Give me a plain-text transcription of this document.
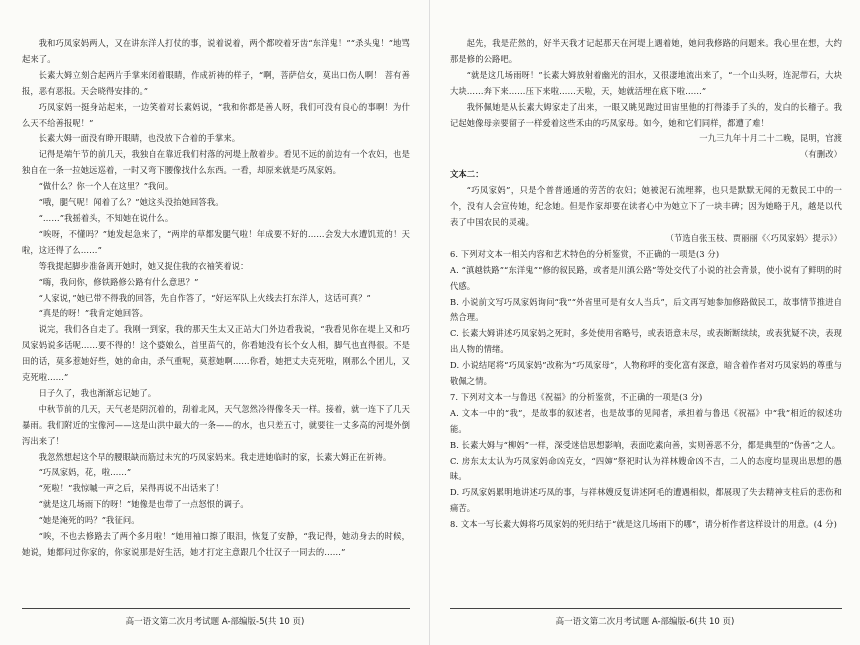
我和巧凤家妈两人，又在讲东洋人打仗的事，说着说着，两个都咬着牙齿“东洋鬼！”“杀头鬼！”地骂起来了。

长素大姆立刻合起两片手掌来闭着眼睛，作成祈祷的样子，“啊，菩萨信女，莫出口伤人啊！ 菩有善报，恶有恶报。天会晓得安排的。”

巧凤家妈一挺身站起来，一边笑着对长素妈说，“我和你都是善人呀，我们可没有良心的事啊！为什么天不给善报呢！”

长素大姆一面没有睁开眼睛，也没放下合着的手掌来。

记得是端午节的前几天，我独自在靠近我们村落的河堤上散着步。看见不远的前边有一个农妇，也是独自在一条一拉她远巡着，一时又弯下腰像找什么东西。一看，却原来就是巧凤家妈。

“做什么？你一个人在这里？”我问。

“哦，腿气呢！闻着了么？”她这头没抬她回答我。

“……”我摇着头，不知她在说什么。

“唉呀，不懂吗？”她发起急来了，“两岸的草都发腿气啦！年成要不好的……会发大水遭饥荒的！天啦，这还得了么……”

等我提起脚步准备离开她时，她又捉住我的衣袖笑着说：

“嗨，我问你，修铁路修公路有什么意思？”

“人家说，”她已带不得我的回答，先自作答了，“好运军队上火线去打东洋人，这话可真？”

“真是的呀！”我肯定她回答。

说完，我们各自走了。我刚一到家，我的那天生太又正站大门外边看我说，“我看见你在堤上又和巧凤家妈说多话呢……要不得的！这个婆娘么，首里苗气的，你看她没有长个女人相，脚气也直得很。不是田的话，莫多惹她好些，她的命由，杀气重呢，莫惹她啊……你看，她把丈夫克死啦，刚那么个团儿，又克死啦……”

日子久了，我也渐渐忘记她了。

中秋节前的几天，天气老是阴沉着的，刮着北风，天气忽然冷得像冬天一样。接着，就一连下了几天暴雨。我们附近的宝像河——这是山洪中最大的一条——的水，也只差五寸，就要往一丈多高的河堤外倒泻出来了！

我忽然想起这个早的腰眼缺而筋过未宄的巧凤家妈来。我走进她临时的家，长素大姆正在祈祷。

“巧凤家妈，花，啦……”

“死啦！”我惊嘁一声之后，呆得再说不出话来了！

“就是这几场雨下的呀！”她像是也带了一点怒恨的调子。

“她是淹死的吗？”我征问。

“唉，不也去修路去了两个多月啦！”她用袖口擦了眼泪，恢复了安静，“我记得，她动身去的时候，她说，她都问过你家的，你家说那是好生活，她才打定主意跟几个壮汉子一同去的……”

高一语文第二次月考试题 A-部编版-5(共 10 页)

起先，我是茫然的，好半天我才记起那天在河堤上遇着她，她问我修路的问题来。我心里在想，大约那是修的公路吧。

“就是这几场雨呀！”长素大姆放射着幽光的泪水，又很凄地流出来了，“一个山头呀，连泥带石，大块大块……奔下来……压下来啦……天啦，天，她就活埋在底下啦……”

我怀佩她是从长素大姆家走了出来，一眼又眺见跑过田宙里他的打得漆手了头的，发白的长稽子。我记起她像母亲要留子一样爱着这些禾由的巧凤家母。如今，她和它们同样，都遭了难！

一九三九年十月二十二晚，昆明，官渡

（有删改）

文本二：

“巧凤家妈”，只是个普普通通的劳苦的农妇；她被泥石流埋葬，也只是默默无闻的无数民工中的一个，没有人会宣传她，纪念她。但是作家却要在读者心中为她立下了一块丰碑；因为她略于凡，越是以代表了中国农民的灵魂。

（节选自张玉枝、贾丽丽《〈巧凤家妈〉提示》）

6. 下列对文本一相关内容和艺术特色的分析鉴赏，不正确的一项是(3 分)

A. “滇越铁路”“东洋鬼”“修的叙民路，或者是川滇公路”等处交代了小说的社会背景，使小说有了鲜明的时代感。

B. 小说前文写巧凤家妈询问“我”“外省里可是有女人当兵”，后文再写她参加修路做民工，故事情节推进自然合理。

C. 长素大姆讲述巧凤家妈之死时，多处使用省略号，或表语意未尽，或表断断续续，或表犹疑不决，表现出人物的情绪。

D. 小说结尾将“巧凤家妈”改称为“巧凤家母”，人物称呼的变化富有深意，暗含着作者对巧凤家妈的尊重与敬佩之情。

7. 下列对文本一与鲁迅《祝福》的分析鉴赏，不正确的一项是(3 分)

A. 文本一中的“我”，是故事的叙述者，也是故事的见闻者，承担着与鲁迅《祝福》中“我”相近的叙述功能。

B. 长素大姆与“柳妈”一样，深受迷信思想影响，表面吃素向善，实则善恶不分，都是典型的“伪善”之人。

C. 房东太太认为巧凤家妈命凶克女，“四婶”祭祀时认为祥林嫂命凶不吉，二人的态度均显现出思想的愚昧。

D. 巧凤家妈累明地讲述巧凤的事，与祥林嫂反复讲述阿毛的遭遇相似，都展现了失去精神支柱后的悲伤和痛苦。

8. 文本一写长素大姆将巧凤家妈的死归结于“就是这几场雨下的哪”，请分析作者这样设计的用意。(4 分)

高一语文第二次月考试题 A-部编版-6(共 10 页)
